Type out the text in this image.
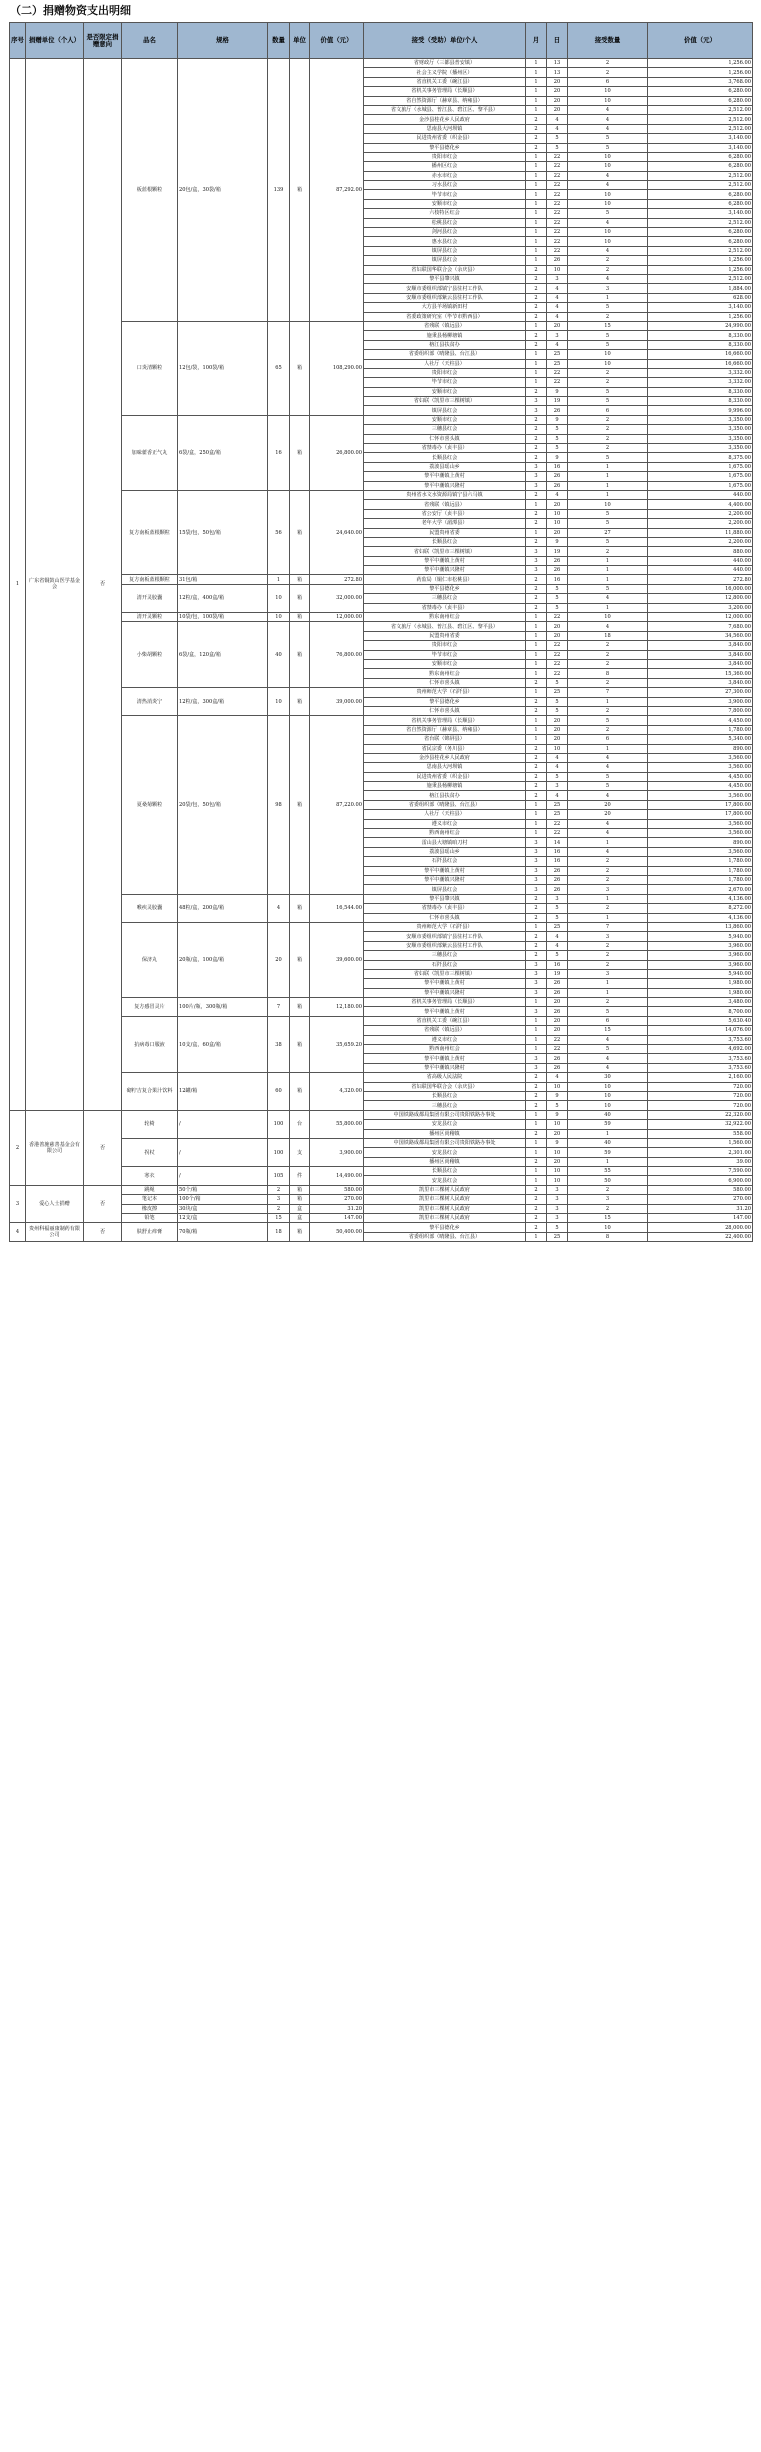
（二）捐赠物资支出明细
序号	捐赠单位（个人）	是否限定捐赠意向	品名	规格	数量	单位	价值（元）	接受（受助）单位/个人	月	日	接受数量	价值（元）
1	广东省铜鼓山医学基金会	否	板蓝根颗粒	20包/盒，30袋/箱	139	箱	87,292.00	省财政厅（三都县普安镇）	1	13	2	1,256.00
								社会主义学院（播州区）	1	13	2	1,256.00
								省直机关工委（碗江县）	1	20	6	3,768.00
								省机关事务管理局（长顺县）	1	20	10	6,280.00
								省自然资源厅（赫章县、纳雍县）	1	20	10	6,280.00
								省文旅厅（水城县、普江县、碧江区、黎平县）	1	20	4	2,512.00
								金沙县桂花乡人民政府	2	4	4	2,512.00
								思南县大河坝镇	2	4	4	2,512.00
								民进贵州省委（织金县）	2	5	5	3,140.00
								黎平县德化乡	2	5	5	3,140.00
								贵阳市红会	1	22	10	6,280.00
								播州区红会	1	22	10	6,280.00
								赤水市红会	1	22	4	2,512.00
								习水县红会	1	22	4	2,512.00
								毕节市红会	1	22	10	6,280.00
								安顺市红会	1	22	10	6,280.00
								六枝特区红会	1	22	5	3,140.00
								松桃县红会	1	22	4	2,512.00
								剑河县红会	1	22	10	6,280.00
								惠水县红会	1	22	10	6,280.00
								镇屏县红会	1	22	4	2,512.00
								镇屏县红会	1	26	2	1,256.00
								省妇联国华联合会（余庆县）	2	10	2	1,256.00
								黎平县肇兴镇	2	3	4	2,512.00
								安顺市委组织部镇宁县驻村工作队	2	4	3	1,884.00
								安顺市委组织部紫云县驻村工作队	2	4	1	628.00
								大方县羊场镇新田村	2	4	5	3,140.00
								省委政策研究室（毕节市黔西县）	2	4	2	1,256.00
			口炎清颗粒	12包/袋，100袋/箱	65	箱	108,290.00	省残联（镇远县）	1	20	15	24,990.00
								施秉县杨柳塘镇	2	3	5	8,330.00
								榕江县扶贫办	2	4	5	8,330.00
								省委组织部（晴隆县、台江县）	1	25	10	16,660.00
								人社厅（天柱县）	1	25	10	16,660.00
								贵阳市红会	1	22	2	3,332.00
								毕节市红会	1	22	2	3,332.00
								安顺市红会	2	9	5	8,330.00
								省妇联（凯里市三棵树镇）	3	19	5	8,330.00
								镇屏县红会	3	26	6	9,996.00
			加味藿香正气丸	6袋/盒，250盒/箱	16	箱	26,800.00	安顺市红会	2	9	2	3,350.00
								三穗县红会	2	5	2	3,350.00
								仁怀市喜头镇	2	5	2	3,350.00
								省禁毒办（贞丰县）	2	5	2	3,350.00
								长顺县红会	2	9	5	8,375.00
								荔波县瑶山乡	3	16	1	1,675.00
								黎平中潮镇上黄村	3	26	1	1,675.00
								黎平中潮镇兴隆村	3	26	1	1,675.00
			复方南板蓝根颗粒	15袋/包，50包/箱	56	箱	24,640.00	贵州省水文水资源局镇宁县六马镇	2	4	1	440.00
								省残联（镇远县）	1	20	10	4,400.00
								省公安厅（贞丰县）	2	10	5	2,200.00
								老年大学（湄潭县）	2	10	5	2,200.00
								民盟贵州省委	1	20	27	11,880.00
								长顺县红会	2	9	5	2,200.00
								省妇联（凯里市三棵树镇）	3	19	2	880.00
								黎平中潮镇上黄村	3	26	1	440.00
								黎平中潮镇兴隆村	3	26	1	440.00
			复方南板蓝根颗粒	31包/箱	1	箱	272.80	药监局（铜仁市松桃县）	2	16	1	272.80
			清开灵胶囊	12粒/盒，400盒/箱	10	箱	32,000.00	黎平县德化乡	2	5	5	16,000.00
								三穗县红会	2	5	4	12,800.00
								省禁毒办（贞丰县）	2	5	1	3,200.00
			清开灵颗粒	10袋/包，100袋/箱	10	箱	12,000.00	黔东南州红会	1	22	10	12,000.00
			小柴胡颗粒	6袋/盒，120盒/箱	40	箱	76,800.00	省文旅厅（水城县、普江县、碧江区、黎平县）	1	20	4	7,680.00
								民盟贵州省委	1	20	18	34,560.00
								贵阳市红会	1	22	2	3,840.00
								毕节市红会	1	22	2	3,840.00
								安顺市红会	1	22	2	3,840.00
								黔东南州红会	1	22	8	15,360.00
								仁怀市喜头镇	2	5	2	3,840.00
			清热消炎宁	12粒/盒，300盒/箱	10	箱	39,000.00	贵州师范大学（石阡县）	1	25	7	27,300.00
								黎平县德化乡	2	5	1	3,900.00
								仁怀市喜头镇	2	5	2	7,800.00
			夏桑菊颗粒	20袋/包，50包/箱	98	箱	87,220.00	省机关事务管理局（长顺县）	1	20	5	4,450.00
								省自然资源厅（赫章县、纳雍县）	1	20	2	1,780.00
								省台联（锦屏县）	1	20	6	5,340.00
								省民宗委（务川县）	2	10	1	890.00
								金沙县桂花乡人民政府	2	4	4	3,560.00
								思南县大河坝镇	2	4	4	3,560.00
								民进贵州省委（织金县）	2	5	5	4,450.00
								施秉县杨柳塘镇	2	3	5	4,450.00
								榕江县扶贫办	2	4	4	3,560.00
								省委组织部（晴隆县、台江县）	1	25	20	17,800.00
								人社厅（天柱县）	1	25	20	17,800.00
								遵义市红会	1	22	4	3,560.00
								黔西南州红会	1	22	4	3,560.00
								雷山县大塘镇咱刀村	3	14	1	890.00
								荔波县瑶山乡	3	16	4	3,560.00
								石阡县红会	3	16	2	1,780.00
								黎平中潮镇上黄村	3	26	2	1,780.00
								黎平中潮镇兴隆村	3	26	2	1,780.00
								镇屏县红会	3	26	3	2,670.00
			喉疾灵胶囊	48粒/盒，200盒/箱	4	箱	16,544.00	黎平县肇兴镇	2	3	1	4,136.00
								省禁毒办（贞丰县）	2	5	2	8,272.00
								仁怀市喜头镇	2	5	1	4,136.00
			保济丸	20瓶/盒，100盒/箱	20	箱	39,600.00	贵州师范大学（石阡县）	1	25	7	13,860.00
								安顺市委组织部镇宁县驻村工作队	2	4	3	5,940.00
								安顺市委组织部紫云县驻村工作队	2	4	2	3,960.00
								三穗县红会	2	5	2	3,960.00
								石阡县红会	3	16	2	3,960.00
								省妇联（凯里市三棵树镇）	3	19	3	5,940.00
								黎平中潮镇上黄村	3	26	1	1,980.00
								黎平中潮镇兴隆村	3	26	1	1,980.00
			复方感冒灵片	100片/瓶，300瓶/箱	7	箱	12,180.00	省机关事务管理局（长顺县）	1	20	2	3,480.00
								黎平中潮镇上黄村	3	26	5	8,700.00
			抗病毒口服液	10支/盒，60盒/箱	38	箱	35,659.20	省直机关工委（碗江县）	1	20	6	5,630.40
								省残联（镇远县）	1	20	15	14,076.00
								遵义市红会	1	22	4	3,753.60
								黔西南州红会	1	22	5	4,692.00
								黎平中潮镇上黄村	3	26	4	3,753.60
								黎平中潮镇兴隆村	3	26	4	3,753.60
			砌柠吉复合果汁饮料	12罐/箱	60	箱	4,320.00	省高级人民法院	2	4	30	2,160.00
								省妇联国华联合会（余庆县）	2	10	10	720.00
								长顺县红会	2	9	10	720.00
								三穗县红会	2	5	10	720.00
2	香港善施慈善基金会有限公司	否	轮椅	/	100	台	55,800.00	中国铁路成都局集团有限公司贵阳铁路办事处	1	9	40	22,320.00
								安龙县红会	1	10	59	32,922.00
								播州区尚稽镇	2	20	1	558.00
			拐杖	/	100	支	3,900.00	中国铁路成都局集团有限公司贵阳铁路办事处	1	9	40	1,560.00
								安龙县红会	1	10	59	2,301.00
								播州区尚稽镇	2	20	1	39.00
			寒衣	/	105	件	14,490.00	长顺县红会	1	10	55	7,590.00
								安龙县红会	1	10	50	6,900.00
3	爱心人士捐赠	否	跳绳	50个/箱	2	箱	580.00	凯里市三棵树人民政府	2	3	2	580.00
			笔记本	100个/箱	3	箱	270.00	凯里市三棵树人民政府	2	3	3	270.00
			橡皮擦	30块/盒	2	盒	31.20	凯里市三棵树人民政府	2	3	2	31.20
			铅笔	12支/盒	15	盒	147.00	凯里市三棵树人民政府	2	3	15	147.00
4	贵州科福丽康制药有限公司	否	肤舒止痒膏	70瓶/箱	18	箱	50,400.00	黎平县德化乡	2	5	10	28,000.00
								省委组织部（晴隆县、台江县）	1	25	8	22,400.00
